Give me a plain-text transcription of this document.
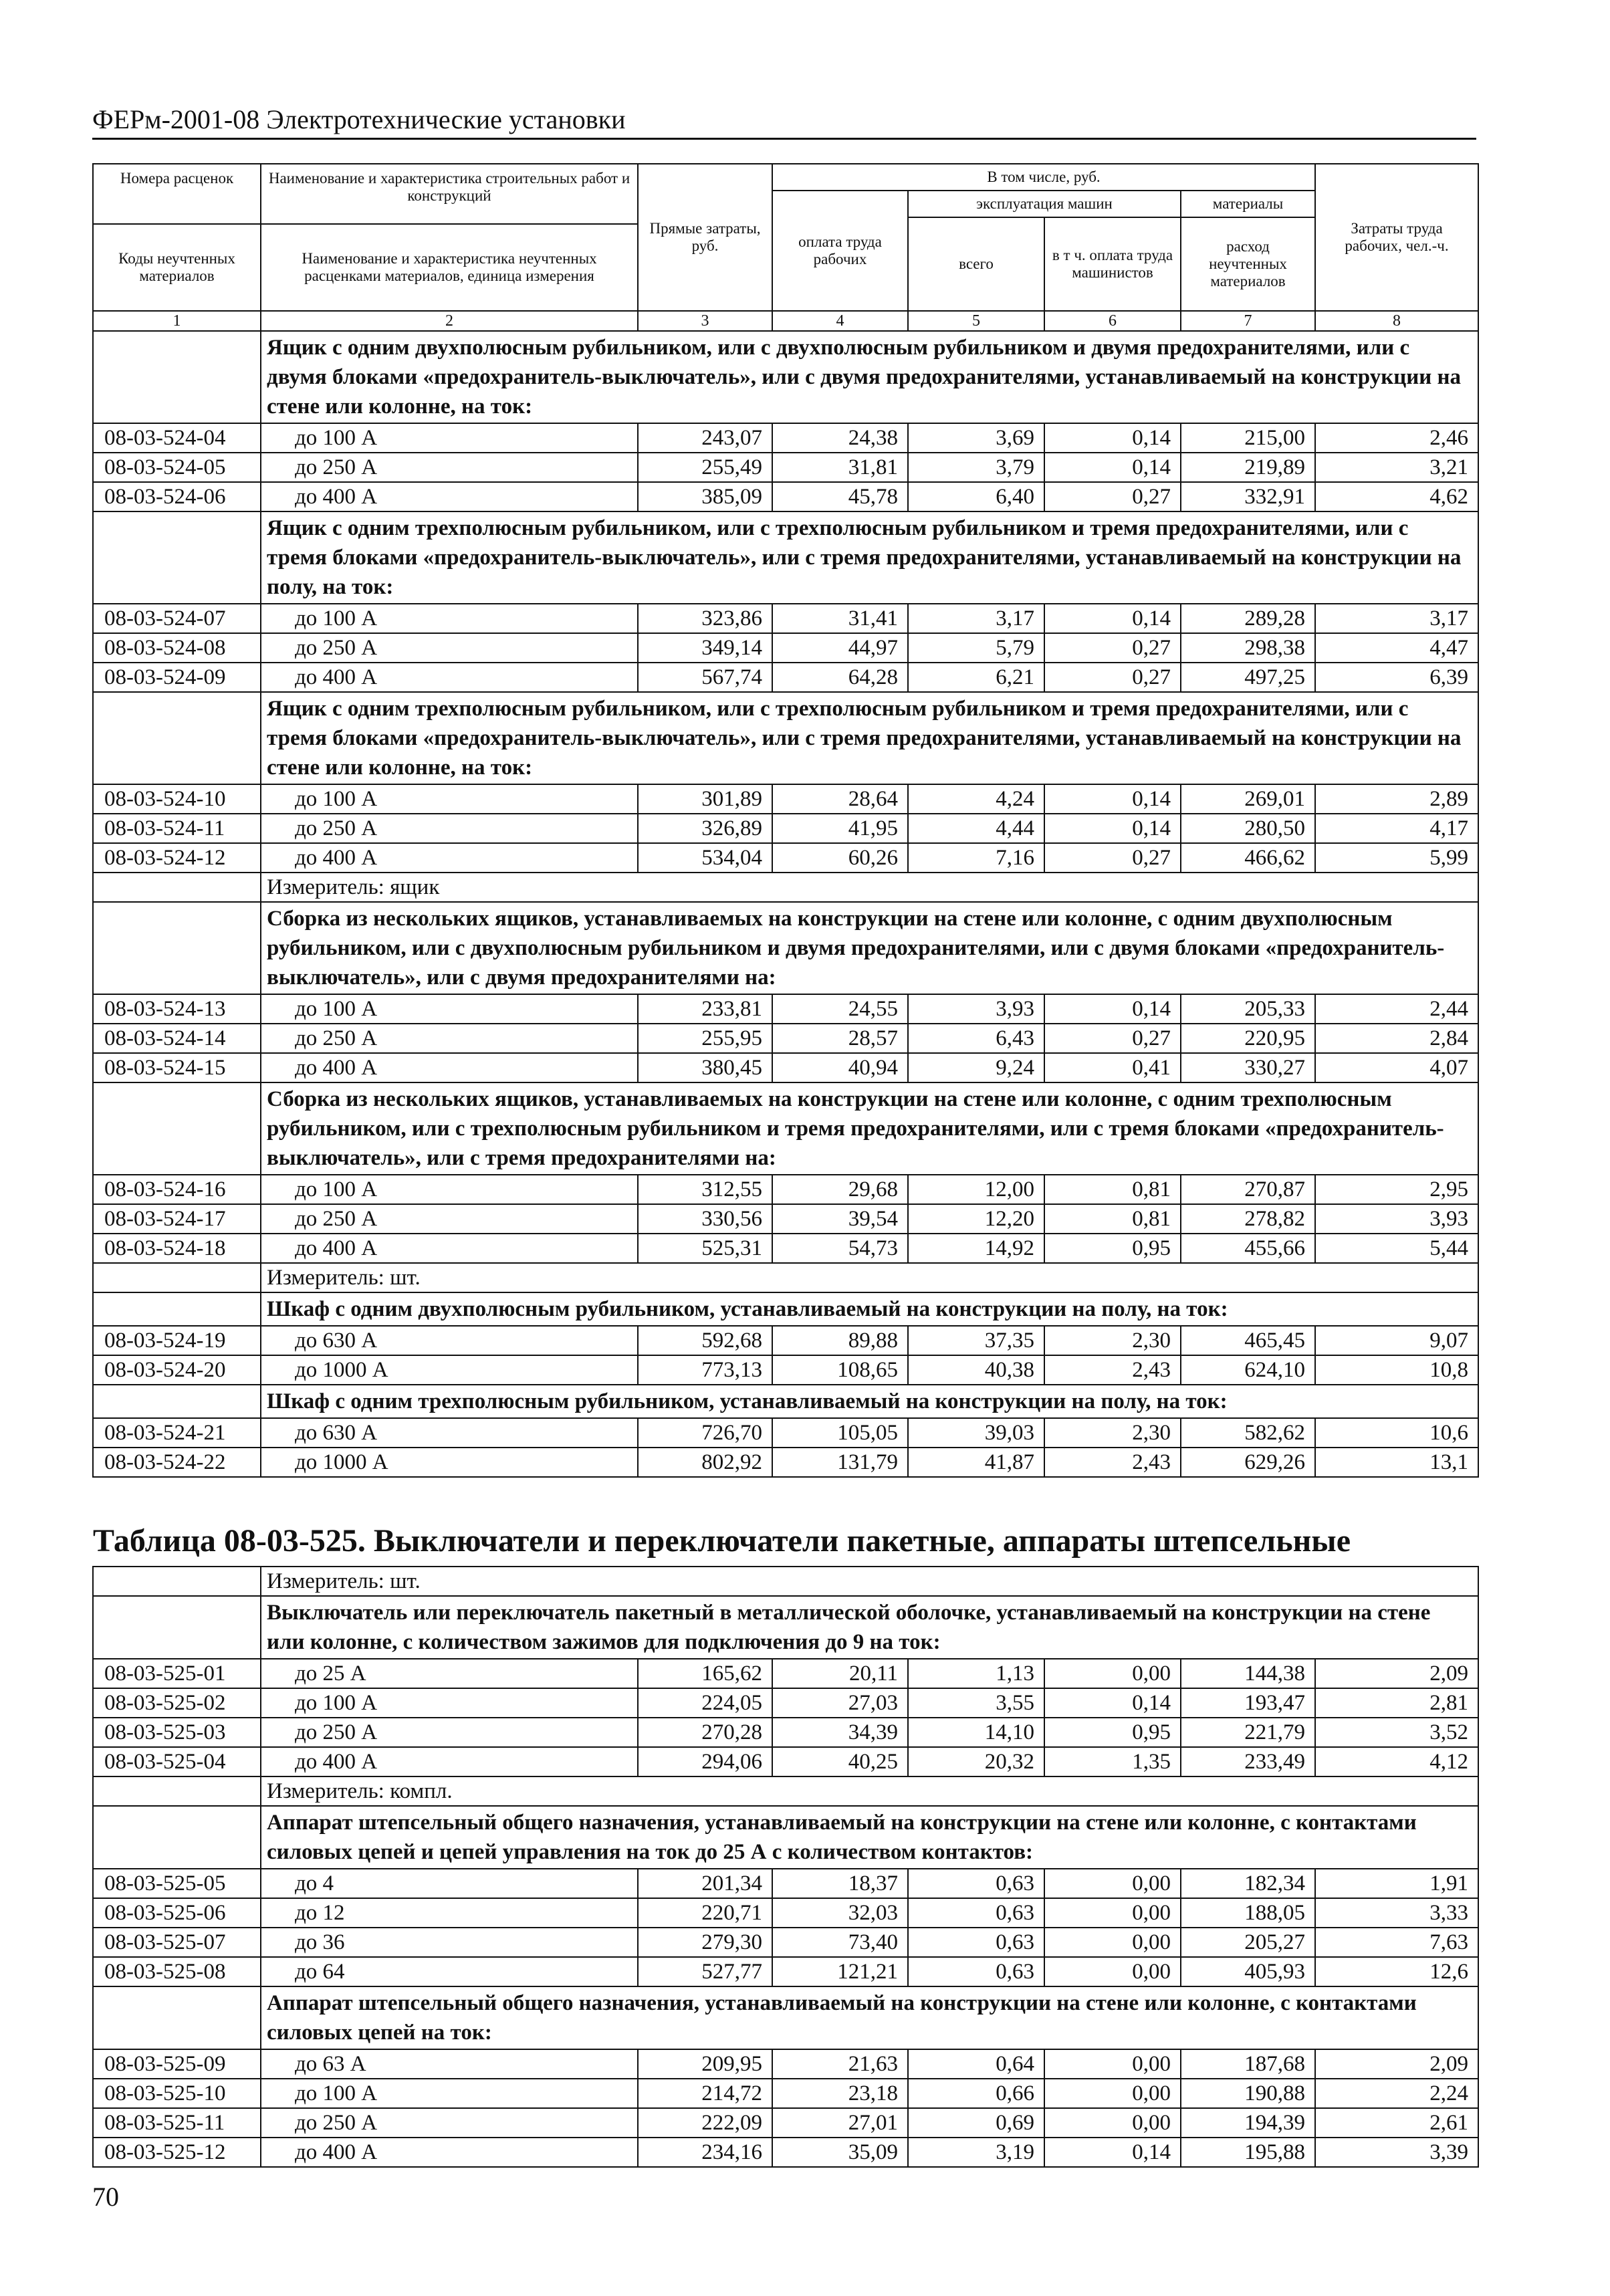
ФЕРм-2001-08 Электротехнические установки
Номера расценок	Наименование и характеристика строительных работ и конструкций	Прямые затраты, руб.	В том числе, руб.				Затраты труда рабочих, чел.-ч.
			оплата труда рабочих	эксплуатация машин		материалы	
				всего	в т ч. оплата труда машинистов	расход неучтенных материалов	
Коды неучтенных материалов	Наименование и характеристика неучтенных расценками материалов, единица измерения						

1	2	3	4	5	6	7	8
	Ящик с одним двухполюсным рубильником, или с двухполюсным рубильником и двумя предохранителями, или с двумя блоками «предохранитель-выключатель», или с двумя предохранителями, устанавливаемый на конструкции на стене или колонне, на ток:						
08-03-524-04	до 100 А	243,07	24,38	3,69	0,14	215,00	2,46
08-03-524-05	до 250 А	255,49	31,81	3,79	0,14	219,89	3,21
08-03-524-06	до 400 А	385,09	45,78	6,40	0,27	332,91	4,62
	Ящик с одним трехполюсным рубильником, или с трехполюсным рубильником и тремя предохранителями, или с тремя блоками «предохранитель-выключатель», или с тремя предохранителями, устанавливаемый на конструкции на полу, на ток:						
08-03-524-07	до 100 А	323,86	31,41	3,17	0,14	289,28	3,17
08-03-524-08	до 250 А	349,14	44,97	5,79	0,27	298,38	4,47
08-03-524-09	до 400 А	567,74	64,28	6,21	0,27	497,25	6,39
	Ящик с одним трехполюсным рубильником, или с трехполюсным рубильником и тремя предохранителями, или с тремя блоками «предохранитель-выключатель», или с тремя предохранителями, устанавливаемый на конструкции на стене или колонне, на ток:						
08-03-524-10	до 100 А	301,89	28,64	4,24	0,14	269,01	2,89
08-03-524-11	до 250 А	326,89	41,95	4,44	0,14	280,50	4,17
08-03-524-12	до 400 А	534,04	60,26	7,16	0,27	466,62	5,99
	Измеритель: ящик						
	Сборка из нескольких ящиков, устанавливаемых на конструкции на стене или колонне, с одним двухполюсным рубильником, или с двухполюсным рубильником и двумя предохранителями, или с двумя блоками «предохранитель-выключатель», или с двумя предохранителями на:						
08-03-524-13	до 100 А	233,81	24,55	3,93	0,14	205,33	2,44
08-03-524-14	до 250 А	255,95	28,57	6,43	0,27	220,95	2,84
08-03-524-15	до 400 А	380,45	40,94	9,24	0,41	330,27	4,07
	Сборка из нескольких ящиков, устанавливаемых на конструкции на стене или колонне, с одним трехполюсным рубильником, или с трехполюсным рубильником и тремя предохранителями, или с тремя блоками «предохранитель-выключатель», или с тремя предохранителями на:						
08-03-524-16	до 100 А	312,55	29,68	12,00	0,81	270,87	2,95
08-03-524-17	до 250 А	330,56	39,54	12,20	0,81	278,82	3,93
08-03-524-18	до 400 А	525,31	54,73	14,92	0,95	455,66	5,44
	Измеритель: шт.						
	Шкаф с одним двухполюсным рубильником, устанавливаемый на конструкции на полу, на ток:						
08-03-524-19	до 630 А	592,68	89,88	37,35	2,30	465,45	9,07
08-03-524-20	до 1000 А	773,13	108,65	40,38	2,43	624,10	10,8
	Шкаф с одним трехполюсным рубильником, устанавливаемый на конструкции на полу, на ток:						
08-03-524-21	до 630 А	726,70	105,05	39,03	2,30	582,62	10,6
08-03-524-22	до 1000 А	802,92	131,79	41,87	2,43	629,26	13,1

Таблица 08-03-525. Выключатели и переключатели пакетные, аппараты штепсельные							
	Измеритель: шт.						
	Выключатель или переключатель пакетный в металлической оболочке, устанавливаемый на конструкции на стене или колонне, с количеством зажимов для подключения до 9 на ток:						
08-03-525-01	до 25 А	165,62	20,11	1,13	0,00	144,38	2,09
08-03-525-02	до 100 А	224,05	27,03	3,55	0,14	193,47	2,81
08-03-525-03	до 250 А	270,28	34,39	14,10	0,95	221,79	3,52
08-03-525-04	до 400 А	294,06	40,25	20,32	1,35	233,49	4,12
	Измеритель: компл.						
	Аппарат штепсельный общего назначения, устанавливаемый на конструкции на стене или колонне, с контактами силовых цепей и цепей управления на ток до 25 А с количеством контактов:						
08-03-525-05	до 4	201,34	18,37	0,63	0,00	182,34	1,91
08-03-525-06	до 12	220,71	32,03	0,63	0,00	188,05	3,33
08-03-525-07	до 36	279,30	73,40	0,63	0,00	205,27	7,63
08-03-525-08	до 64	527,77	121,21	0,63	0,00	405,93	12,6
	Аппарат штепсельный общего назначения, устанавливаемый на конструкции на стене или колонне, с контактами силовых цепей на ток:						
08-03-525-09	до 63 А	209,95	21,63	0,64	0,00	187,68	2,09
08-03-525-10	до 100 А	214,72	23,18	0,66	0,00	190,88	2,24
08-03-525-11	до 250 А	222,09	27,01	0,69	0,00	194,39	2,61
08-03-525-12	до 400 А	234,16	35,09	3,19	0,14	195,88	3,39
70
